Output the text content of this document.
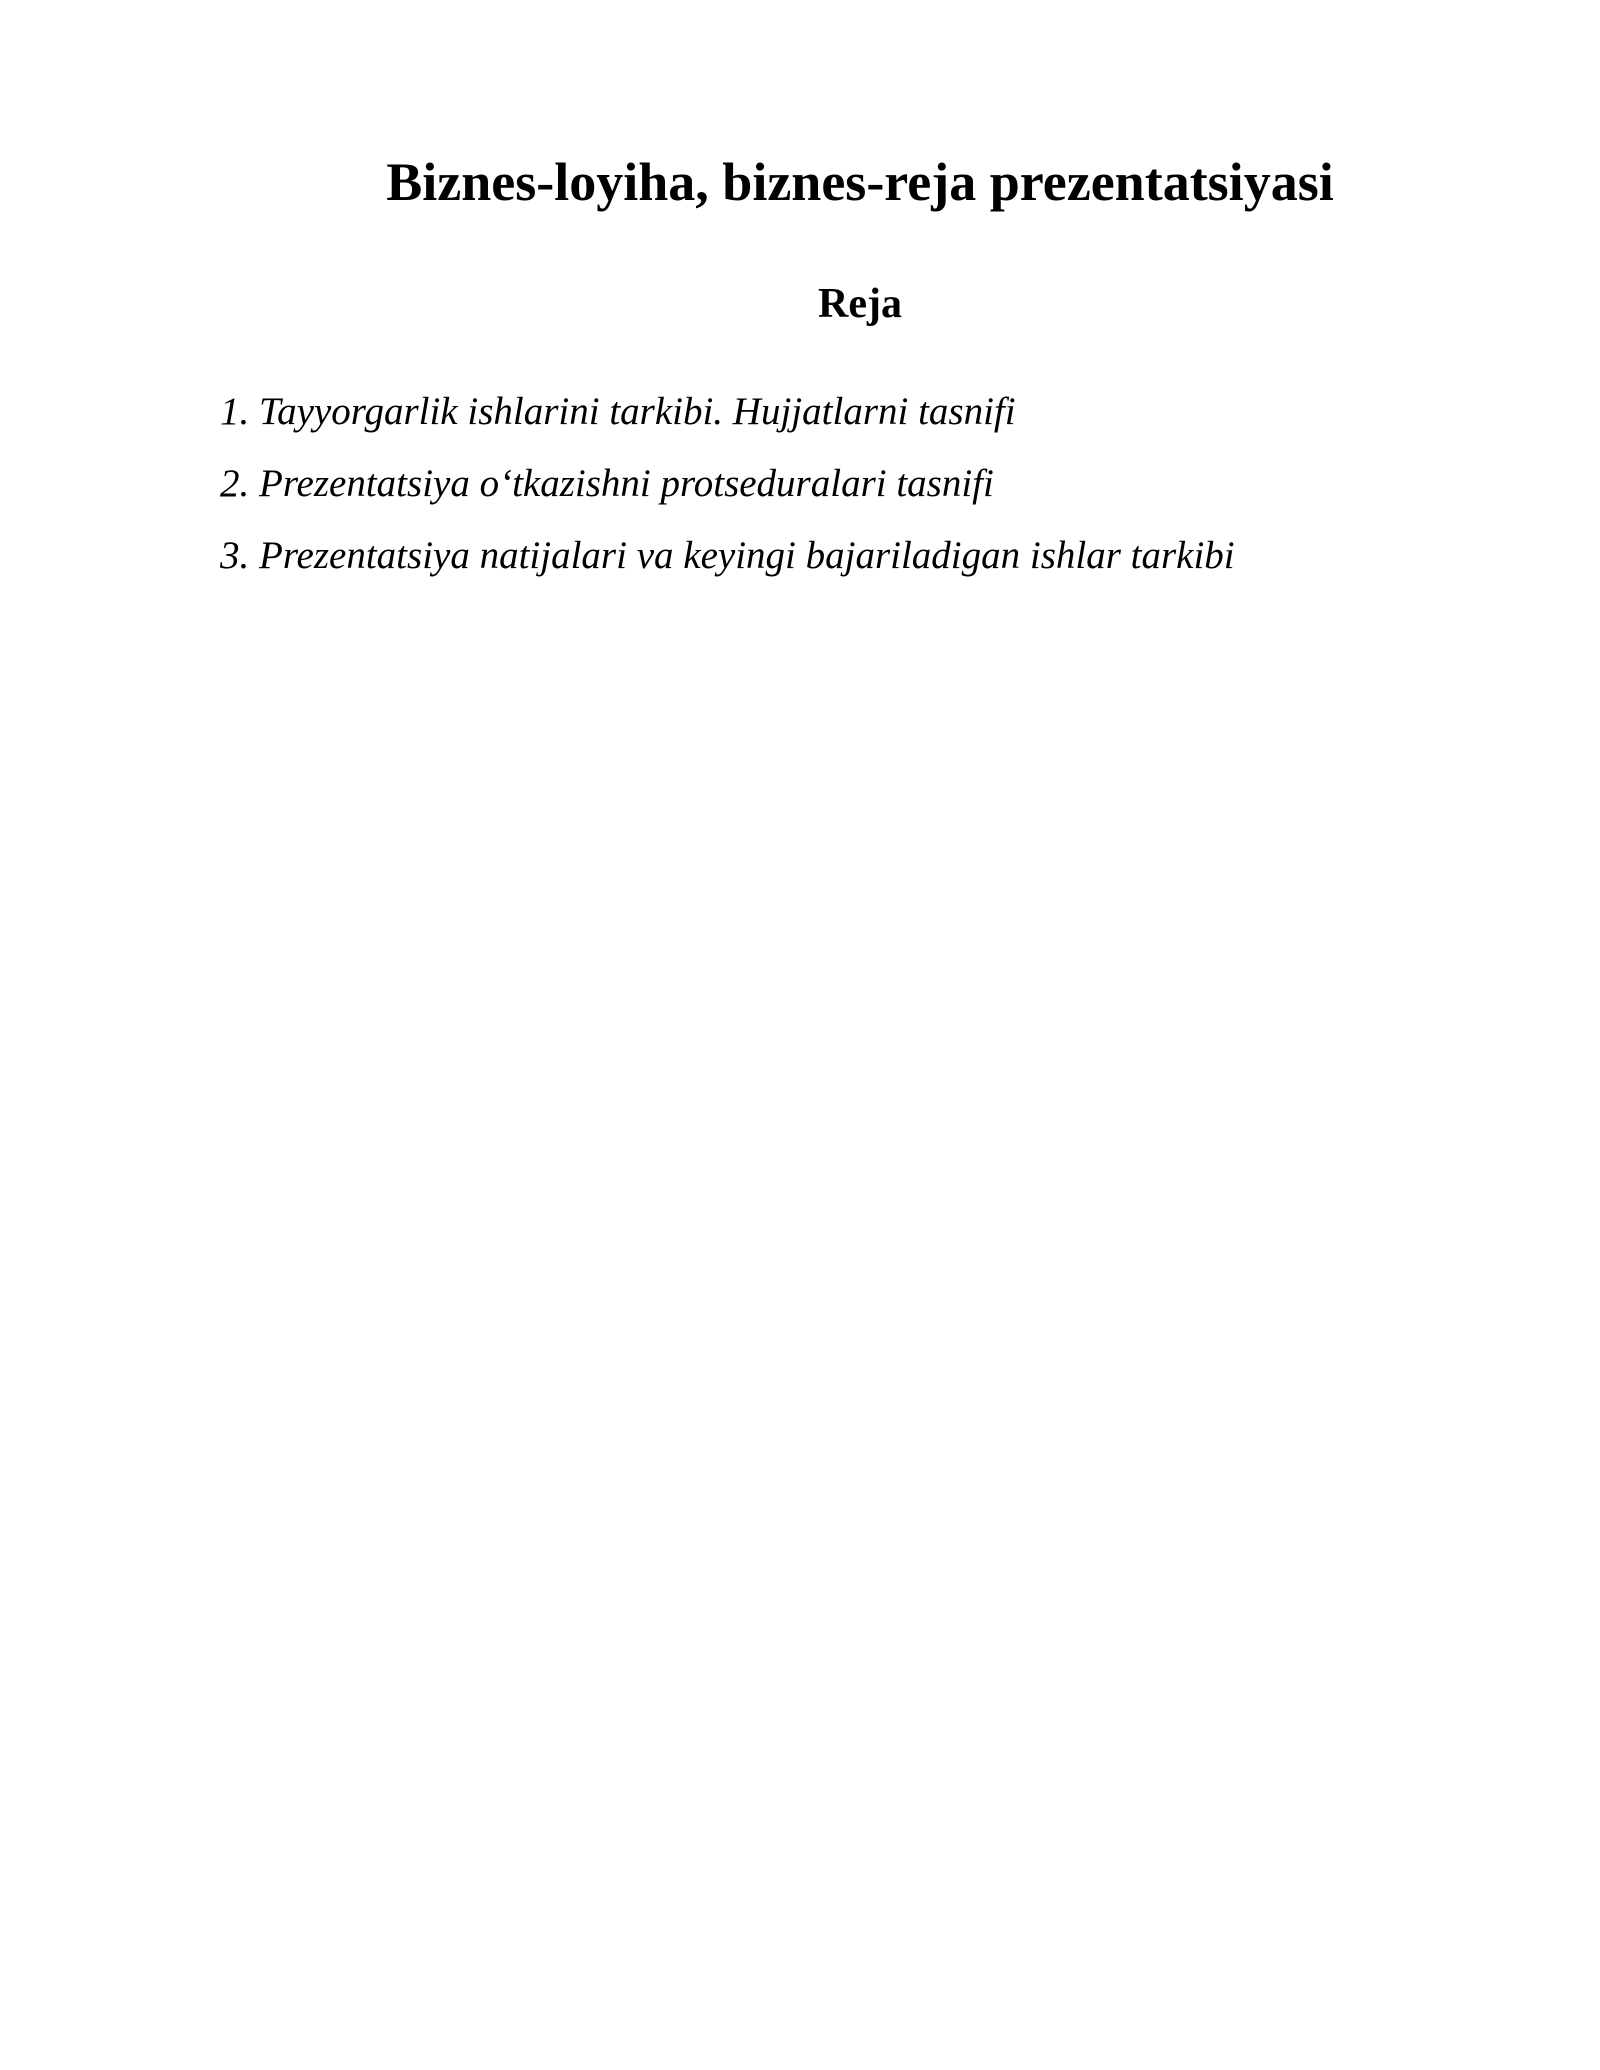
Biznes-loyiha, biznes-reja prezentatsiyasi
Reja
1. Tayyorgarlik ishlarini tarkibi. Hujjatlarni tasnifi
2. Prezentatsiya o‘tkazishni protseduralari tasnifi
3. Prezentatsiya natijalari va keyingi bajariladigan ishlar tarkibi
